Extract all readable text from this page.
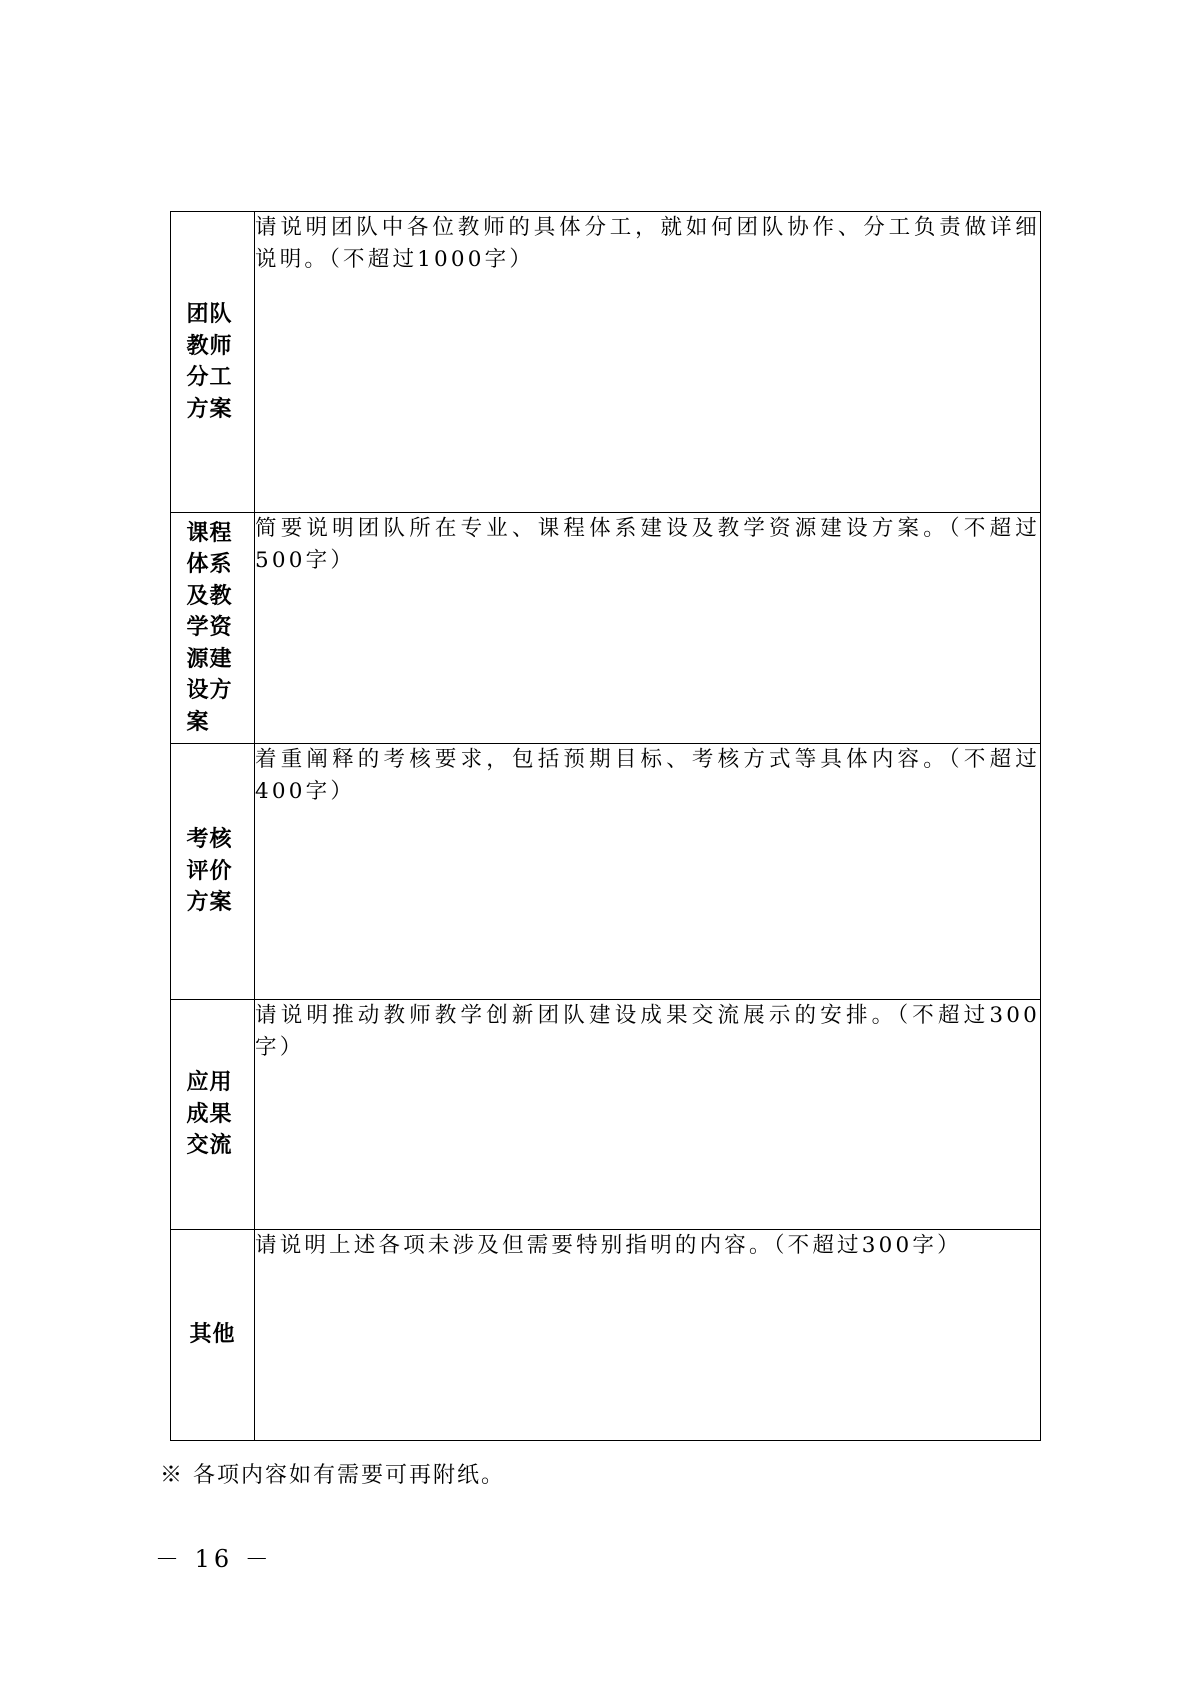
团队教师分工方案	请说明团队中各位教师的具体分工，就如何团队协作、分工负责做详细说明。（不超过1000字）

课程体系及教学资源建设方案	简要说明团队所在专业、课程体系建设及教学资源建设方案。（不超过500字）

考核评价方案	着重阐释的考核要求，包括预期目标、考核方式等具体内容。（不超过400字）

应用成果交流	请说明推动教师教学创新团队建设成果交流展示的安排。（不超过300字）

其他	请说明上述各项未涉及但需要特别指明的内容。（不超过300字）
※ 各项内容如有需要可再附纸。
－ 16 －
